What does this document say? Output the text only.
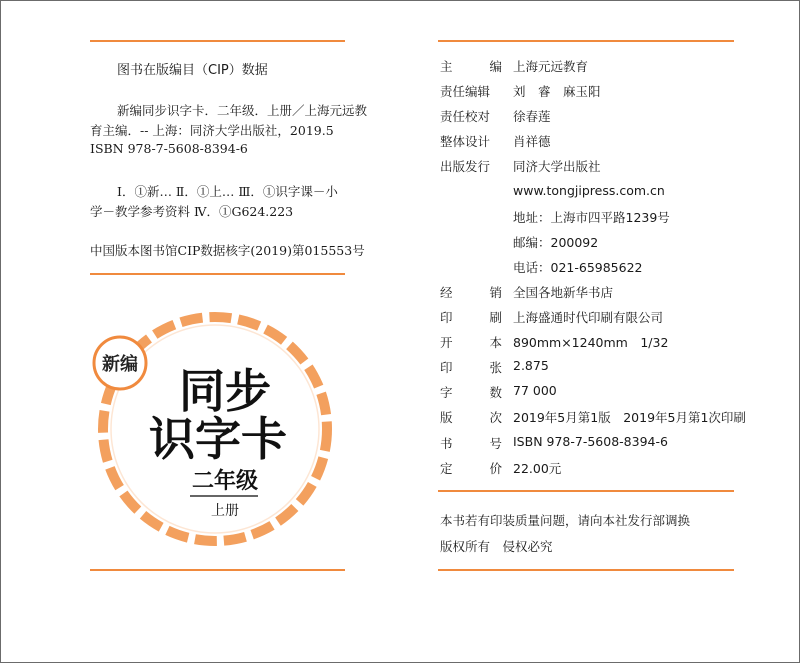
图书在版编目（CIP）数据
新编同步识字卡．二年级．上册／上海元远教
育主编．-- 上海：同济大学出版社，2019.5
ISBN 978-7-5608-8394-6
Ⅰ．①新… Ⅱ．①上… Ⅲ．①识字课－小
学－教学参考资料 Ⅳ．①G624.223
中国版本图书馆CIP数据核字(2019)第015553号
新编 同步
识字卡
二年级
上册
主	编 上海元远教育
责任编辑 刘　睿　麻玉阳
责任校对 徐春莲
整体设计 肖祥德
出版发行 同济大学出版社
www.tongjipress.com.cn
地址：上海市四平路1239号
邮编：200092
电话：021-65985622
经	销 全国各地新华书店
印	刷 上海盛通时代印刷有限公司
开	本 890mm×1240mm　1/32
印	张 2.875
字	数 77 000
版	次 2019年5月第1版　2019年5月第1次印刷
书	号 ISBN 978-7-5608-8394-6
定	价 22.00元
本书若有印装质量问题，请向本社发行部调换
版权所有　侵权必究
